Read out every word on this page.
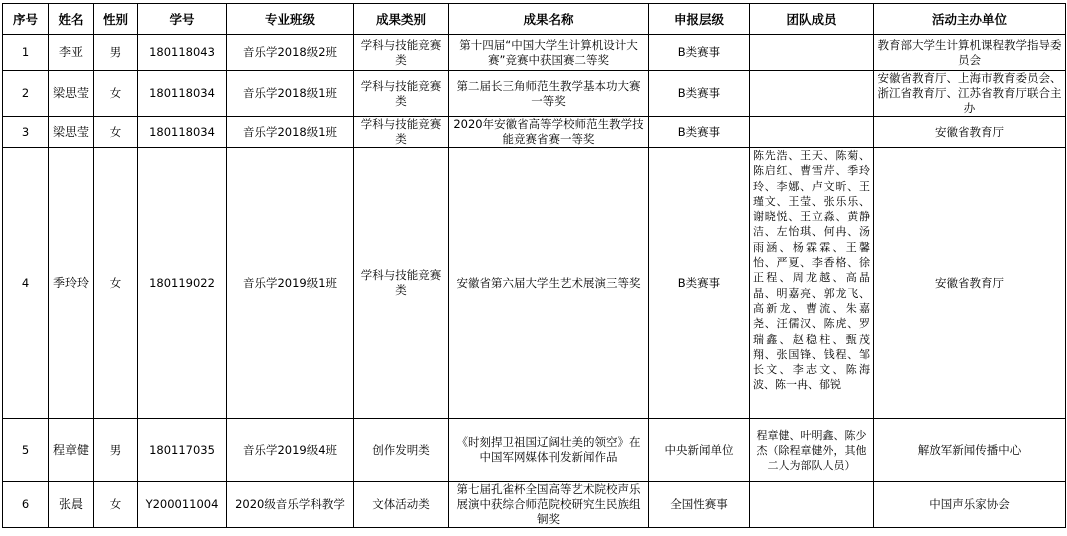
序号	姓名	性别	学号	专业班级	成果类别	成果名称	申报层级	团队成员	活动主办单位
1	李亚	男	180118043	音乐学2018级2班	学科与技能竞赛类	第十四届“中国大学生计算机设计大赛”竞赛中获国赛二等奖	B类赛事		教育部大学生计算机课程教学指导委员会
2	梁思莹	女	180118034	音乐学2018级1班	学科与技能竞赛类	第二届长三角师范生教学基本功大赛一等奖	B类赛事		安徽省教育厅、上海市教育委员会、浙江省教育厅、江苏省教育厅联合主办
3	梁思莹	女	180118034	音乐学2018级1班	学科与技能竞赛类	2020年安徽省高等学校师范生教学技能竞赛省赛一等奖	B类赛事		安徽省教育厅
4	季玲玲	女	180119022	音乐学2019级1班	学科与技能竞赛类	安徽省第六届大学生艺术展演三等奖	B类赛事	陈先浩、王天、陈菊、陈启红、曹雪芹、季玲玲、李娜、卢文昕、王瑾文、王莹、张乐乐、谢晓悦、王立淼、黄静洁、左怡琪、何冉、汤雨涵、杨霖霖、王馨怡、严夏、李香格、徐正程、周龙越、高晶晶、明嘉亮、郭龙飞、高新龙、曹流、朱嘉尧、汪儒汉、陈虎、罗瑞鑫、赵稳柱、甄茂翔、张国锋、钱程、邹长文、李志文、陈海波、陈一冉、郁锐	安徽省教育厅
5	程章健	男	180117035	音乐学2019级4班	创作发明类	《时刻捍卫祖国辽阔壮美的领空》在中国军网媒体刊发新闻作品	中央新闻单位	程章健、叶明鑫、陈少杰（除程章健外，其他二人为部队人员）	解放军新闻传播中心
6	张晨	女	Y200011004	2020级音乐学科教学	文体活动类	第七届孔雀杯全国高等艺术院校声乐展演中获综合师范院校研究生民族组 铜奖	全国性赛事		中国声乐家协会
